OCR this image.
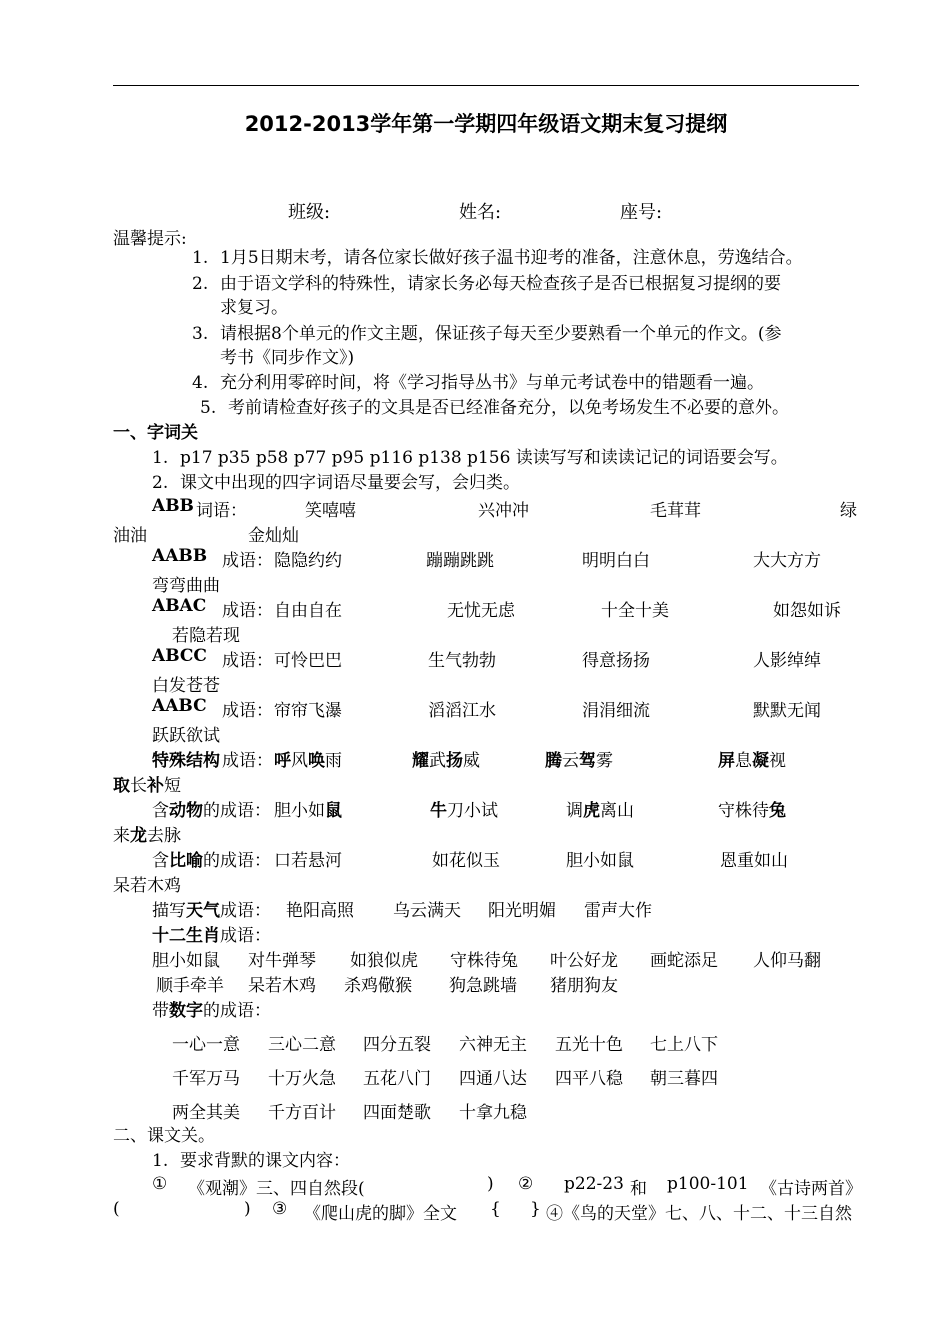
2012-2013学年第一学期四年级语文期末复习提纲
班级:	姓名:	座号:
温馨提示:
1. 1月5日期末考，请各位家长做好孩子温书迎考的准备，注意休息，劳逸结合。
2. 由于语文学科的特殊性，请家长务必每天检查孩子是否已根据复习提纲的要
求复习。
3. 请根据8个单元的作文主题，保证孩子每天至少要熟看一个单元的作文。(参
考书《同步作文》)
4. 充分利用零碎时间，将《学习指导丛书》与单元考试卷中的错题看一遍。
5. 考前请检查好孩子的文具是否已经准备充分，以免考场发生不必要的意外。
一、字词关
1. p17 p35 p58 p77 p95 p116 p138 p156 读读写写和读读记记的词语要会写。
2. 课文中出现的四字词语尽量要会写，会归类。
ABB 词语：	笑嘻嘻	兴冲冲	毛茸茸	绿
油油	金灿灿
AABB 成语： 隐隐约约	蹦蹦跳跳	明明白白	大大方方
弯弯曲曲
ABAC 成语： 自由自在	无忧无虑	十全十美	如怨如诉
若隐若现
ABCC 成语： 可怜巴巴	生气勃勃	得意扬扬	人影绰绰
白发苍苍
AABC 成语： 帘帘飞瀑	滔滔江水	涓涓细流	默默无闻
跃跃欲试
特殊结构 成语： 呼风唤雨	耀武扬威	腾云驾雾	屏息凝视
取长补短
含动物的成语： 胆小如鼠	牛刀小试	调虎离山	守株待兔
来龙去脉
含比喻的成语： 口若悬河	如花似玉	胆小如鼠	恩重如山
呆若木鸡
描写天气成语： 艳阳高照 乌云满天 阳光明媚 雷声大作
十二生肖成语：
胆小如鼠 对牛弹琴 如狼似虎 守株待兔 叶公好龙 画蛇添足 人仰马翻
顺手牵羊 呆若木鸡 杀鸡儆猴 狗急跳墙 猪朋狗友
带数字的成语：
一心一意 三心二意 四分五裂 六神无主 五光十色 七上八下
千军万马 十万火急 五花八门 四通八达 四平八稳 朝三暮四
两全其美 千方百计 四面楚歌 十拿九稳
二、课文关。
1. 要求背默的课文内容：
① 《观潮》三、四自然段(	) ② p22-23 和 p100-101 《古诗两首》
(	) ③ 《爬山虎的脚》全文 { } ④《鸟的天堂》七、八、十二、十三自然
